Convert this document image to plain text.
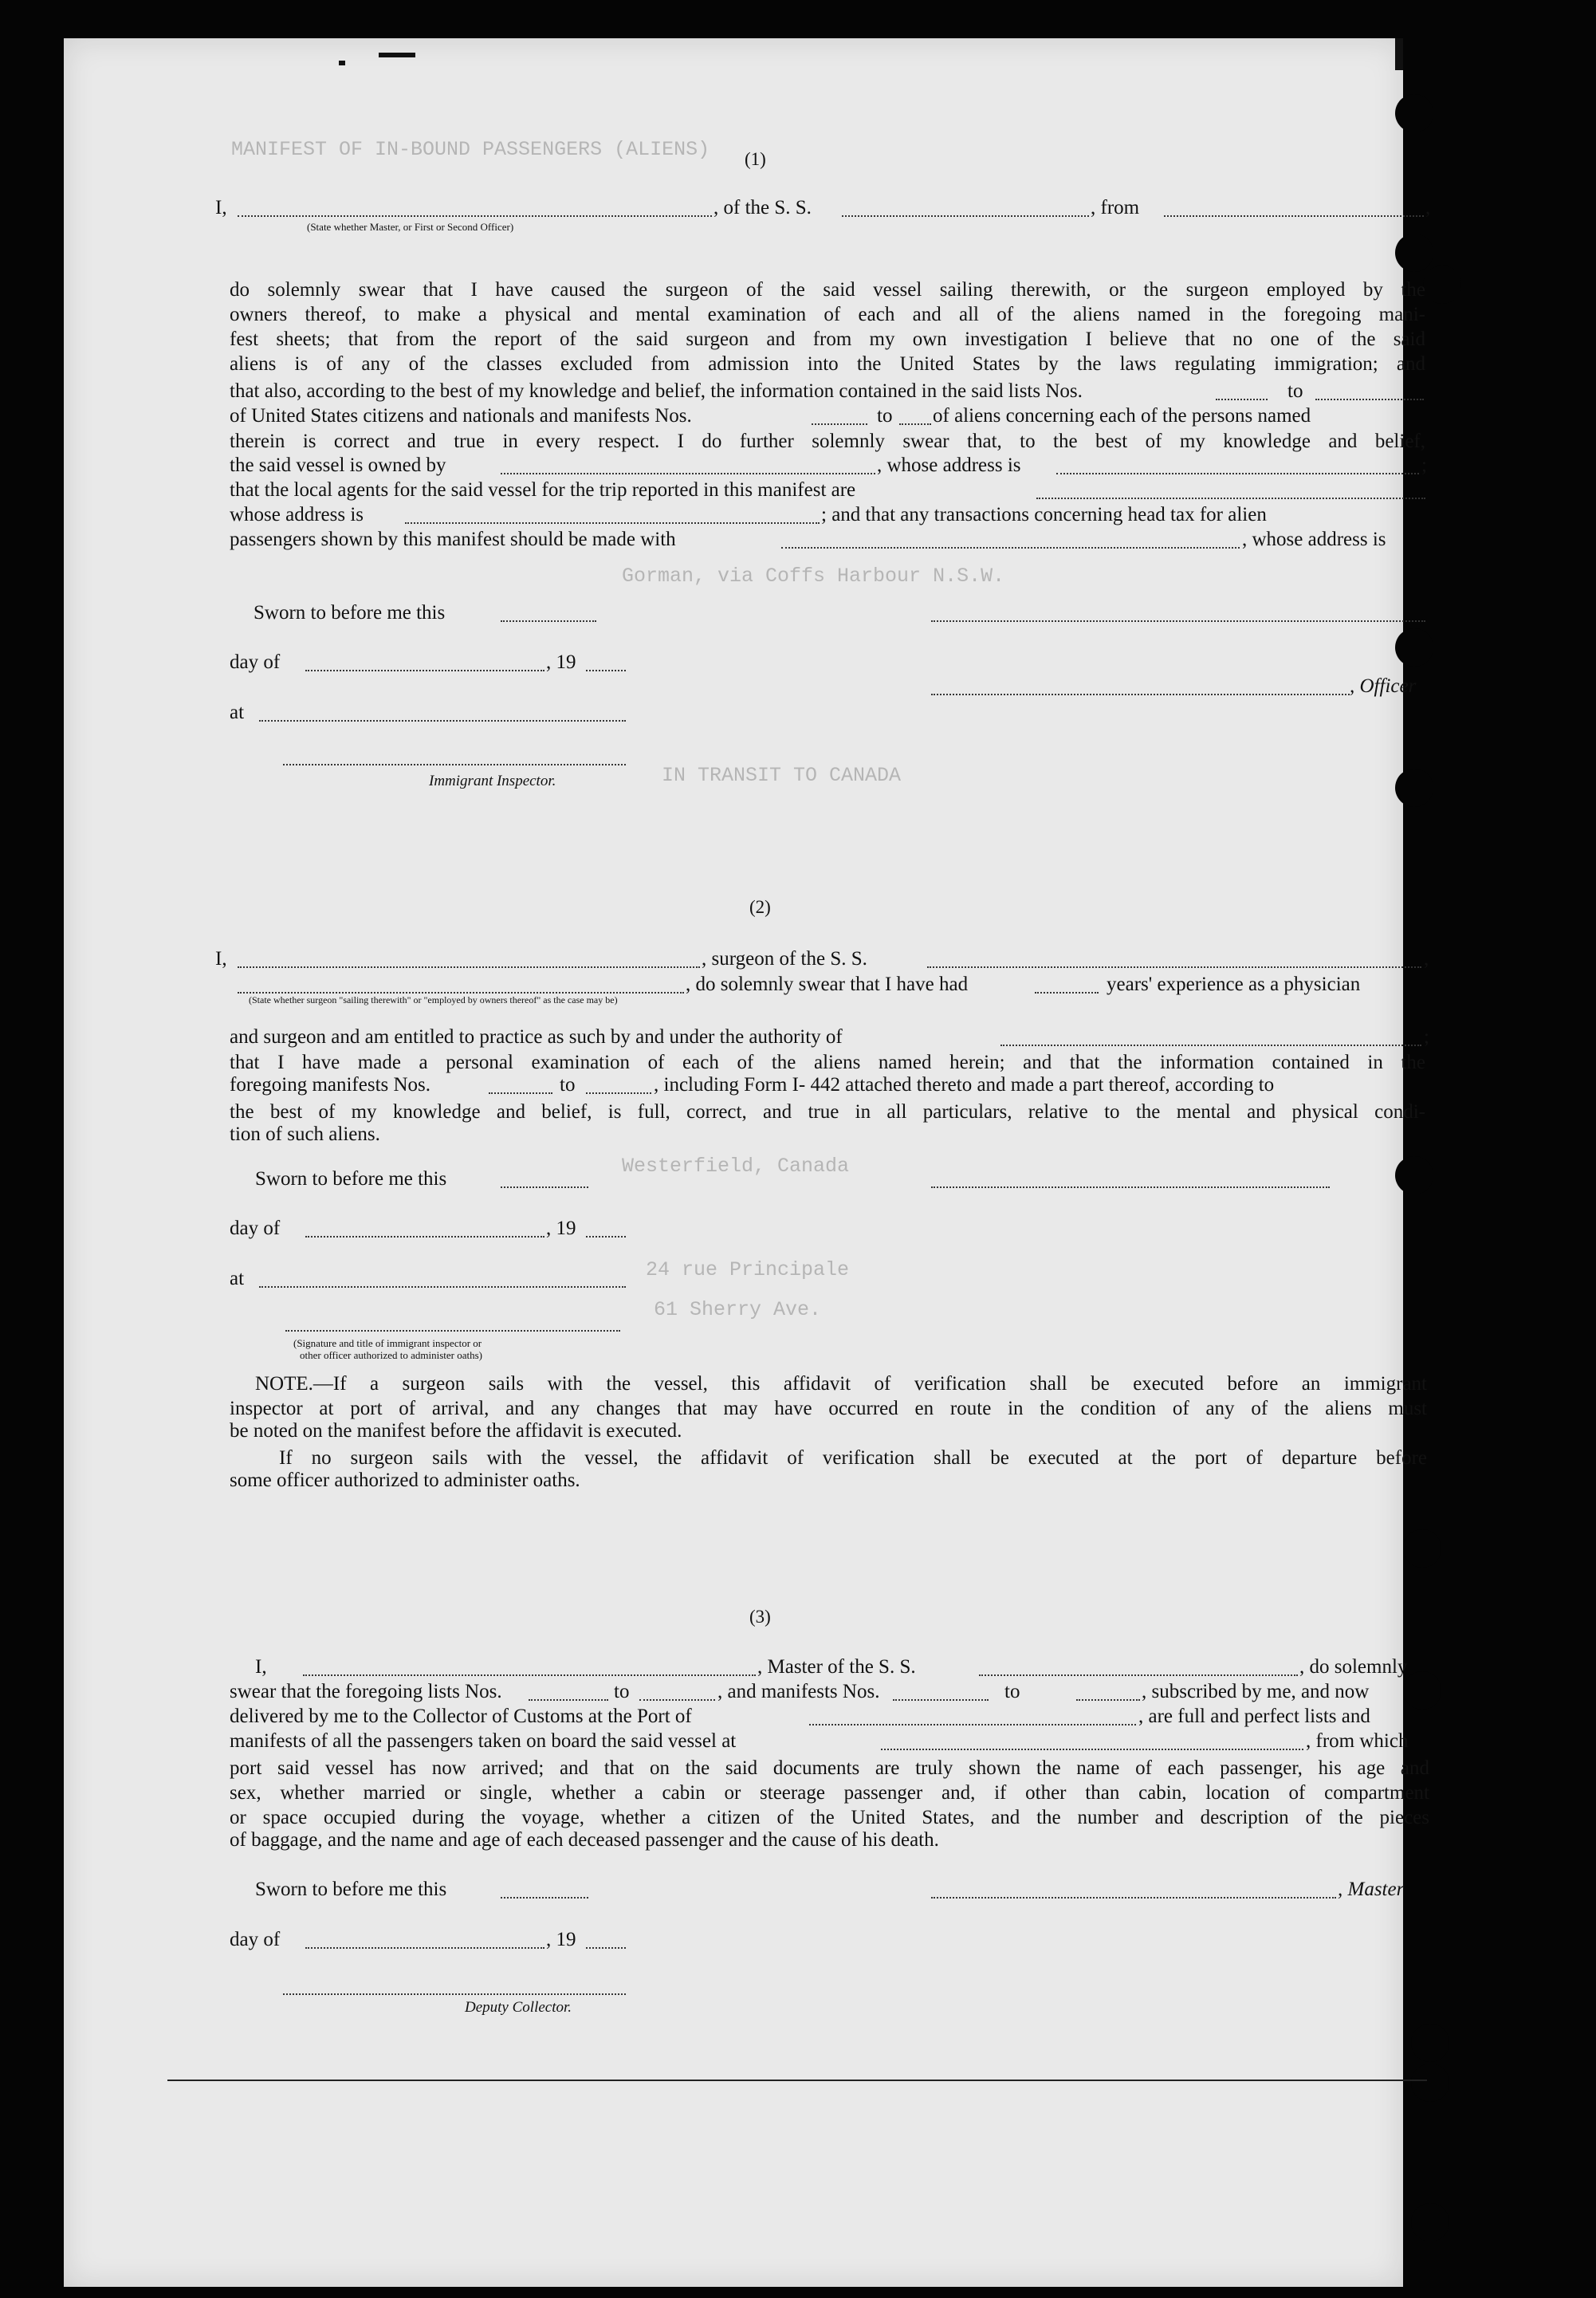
MANIFEST OF IN-BOUND PASSENGERS (ALIENS)
Gorman, via Coffs Harbour N.S.W.
IN TRANSIT TO CANADA
Westerfield, Canada
24 rue Principale
61 Sherry Ave.
(1)
I,	, of the S. S.	, from	,
(State whether Master, or First or Second Officer)
do solemnly swear that I have caused the surgeon of the said vessel sailing therewith, or the surgeon employed by the
owners thereof, to make a physical and mental examination of each and all of the aliens named in the foregoing mani-
fest sheets; that from the report of the said surgeon and from my own investigation I believe that no one of the said
aliens is of any of the classes excluded from admission into the United States by the laws regulating immigration; and
that also, according to the best of my knowledge and belief, the information contained in the said lists Nos.	to
of United States citizens and nationals and manifests Nos.	to of aliens concerning each of the persons named
therein is correct and true in every respect. I do further solemnly swear that, to the best of my knowledge and belief,
the said vessel is owned by	, whose address is	;
that the local agents for the said vessel for the trip reported in this manifest are
whose address is	; and that any transactions concerning head tax for alien
passengers shown by this manifest should be made with	, whose address is
Sworn to before me this
day of	, 19
, Officer
at
Immigrant Inspector.
(2)
I,	, surgeon of the S. S.	,
, do solemnly swear that I have had	years' experience as a physician
(State whether surgeon "sailing therewith" or "employed by owners thereof" as the case may be)
and surgeon and am entitled to practice as such by and under the authority of	;
that I have made a personal examination of each of the aliens named herein; and that the information contained in the
foregoing manifests Nos.	to	, including Form I- 442 attached thereto and made a part thereof, according to
the best of my knowledge and belief, is full, correct, and true in all particulars, relative to the mental and physical condi-
tion of such aliens.
Sworn to before me this
day of	, 19
at
(Signature and title of immigrant inspector or
other officer authorized to administer oaths)
NOTE.—If a surgeon sails with the vessel, this affidavit of verification shall be executed before an immigrant
inspector at port of arrival, and any changes that may have occurred en route in the condition of any of the aliens must
be noted on the manifest before the affidavit is executed.
If no surgeon sails with the vessel, the affidavit of verification shall be executed at the port of departure before
some officer authorized to administer oaths.
(3)
I,	, Master of the S. S.	, do solemnly
swear that the foregoing lists Nos.	to	, and manifests Nos.	to	, subscribed by me, and now
delivered by me to the Collector of Customs at the Port of	, are full and perfect lists and
manifests of all the passengers taken on board the said vessel at	, from which
port said vessel has now arrived; and that on the said documents are truly shown the name of each passenger, his age and
sex, whether married or single, whether a cabin or steerage passenger and, if other than cabin, location of compartment
or space occupied during the voyage, whether a citizen of the United States, and the number and description of the pieces
of baggage, and the name and age of each deceased passenger and the cause of his death.
Sworn to before me this	, Master
day of	, 19
Deputy Collector.
